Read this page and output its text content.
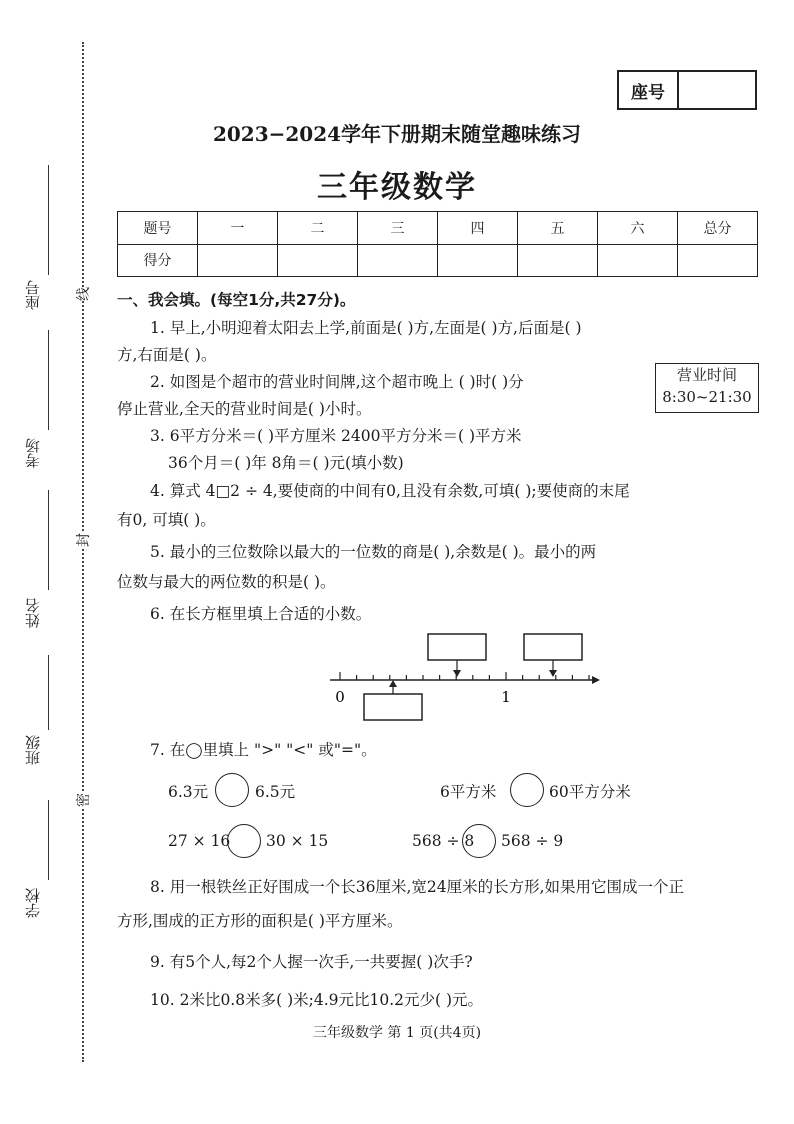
线
封
密
座号
考场
姓名
班级
学校
座号
2023−2024学年下册期末随堂趣味练习
三年级数学
题号	一	二	三	四	五	六	总分
得分							
一、我会填。(每空1分,共27分)。
1. 早上,小明迎着太阳去上学,前面是( )方,左面是( )方,后面是( )
方,右面是( )。
2. 如图是个超市的营业时间牌,这个超市晚上 ( )时( )分
停止营业,全天的营业时间是( )小时。
营业时间
8:30~21:30
3. 6平方分米＝( )平方厘米 2400平方分米＝( )平方米
36个月＝( )年 8角＝( )元(填小数)
4. 算式 4□2 ÷ 4,要使商的中间有0,且没有余数,可填( );要使商的末尾
有0, 可填( )。
5. 最小的三位数除以最大的一位数的商是( ),余数是( )。最小的两
位数与最大的两位数的积是( )。
6. 在长方框里填上合适的小数。
0	1
7. 在◯里填上 ">" "<" 或"="。
6.3元	6.5元	6平方米	60平方分米
27 × 16 30 × 15	568 ÷ 8 568 ÷ 9
8. 用一根铁丝正好围成一个长36厘米,宽24厘米的长方形,如果用它围成一个正
方形,围成的正方形的面积是( )平方厘米。
9. 有5个人,每2个人握一次手,一共要握( )次手?
10. 2米比0.8米多( )米;4.9元比10.2元少( )元。
三年级数学 第 1 页(共4页)
